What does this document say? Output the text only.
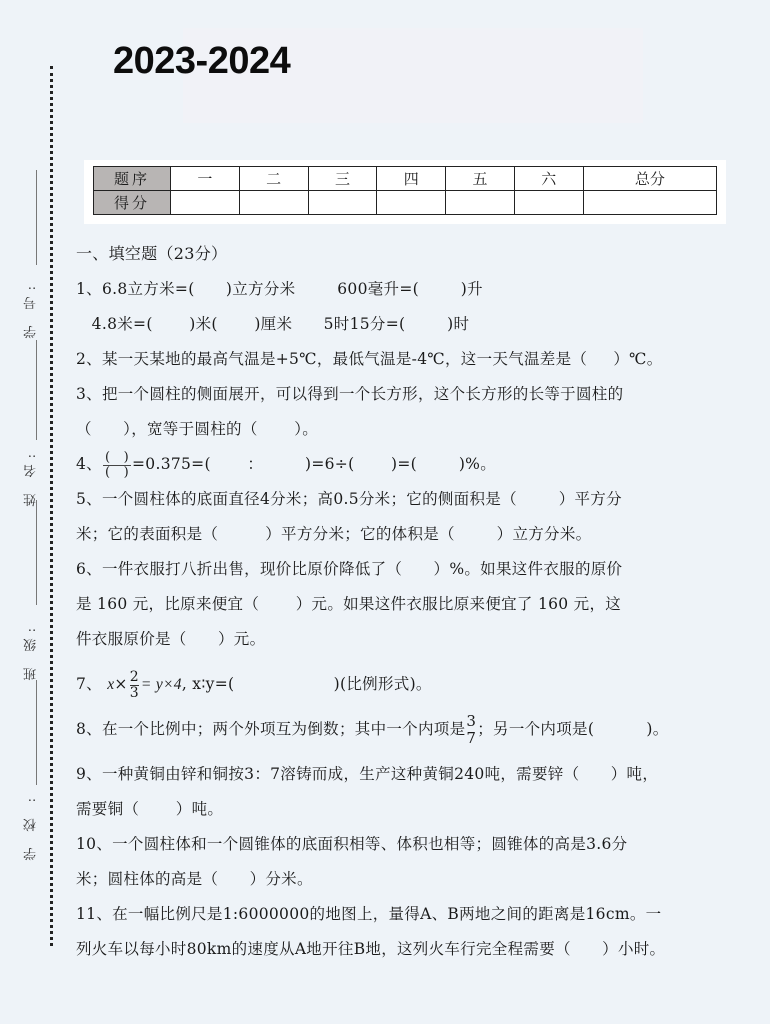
2023-2024
学 号:
姓 名:
班 级:
学 校 :
题序	一	二	三	四	五	六	总分
得分							
一、填空题（23分）

1、6.8立方米=(      )立方分米        600毫升=(        )升

4.8米=(       )米(       )厘米      5时15分=(        )时

2、某一天某地的最高气温是+5℃，最低气温是-4℃，这一天气温差是（     ）℃。

3、把一个圆柱的侧面展开，可以得到一个长方形，这个长方形的长等于圆柱的

（      ），宽等于圆柱的（       ）。

4、 $\frac{( )}{( )} =0.375=$(       ：        )=6÷(       )=(        )%。

5、一个圆柱体的底面直径4分米；高0.5分米；它的侧面积是（        ）平方分

米；它的表面积是（         ）平方分米；它的体积是（        ）立方分米。

6、一件衣服打八折出售，现价比原价降低了（      ）%。如果这件衣服的原价

是 160 元，比原来便宜（       ）元。如果这件衣服比原来便宜了 160 元，这

件衣服原价是（      ）元。

7、 $x\times \frac{2}{3} = y\times 4$, x∶y=(                   )(比例形式)。

8、在一个比例中；两个外项互为倒数；其中一个内项是 3
7 ；另一个内项是(          )。

9、一种黄铜由锌和铜按3：7溶铸而成，生产这种黄铜240吨，需要锌（      ）吨，

需要铜（       ）吨。

10、一个圆柱体和一个圆锥体的底面积相等、体积也相等；圆锥体的高是3.6分

米；圆柱体的高是（      ）分米。

11、在一幅比例尺是1:6000000的地图上，量得A、B两地之间的距离是16cm。一

列火车以每小时80km的速度从A地开往B地，这列火车行完全程需要（      ）小时。
